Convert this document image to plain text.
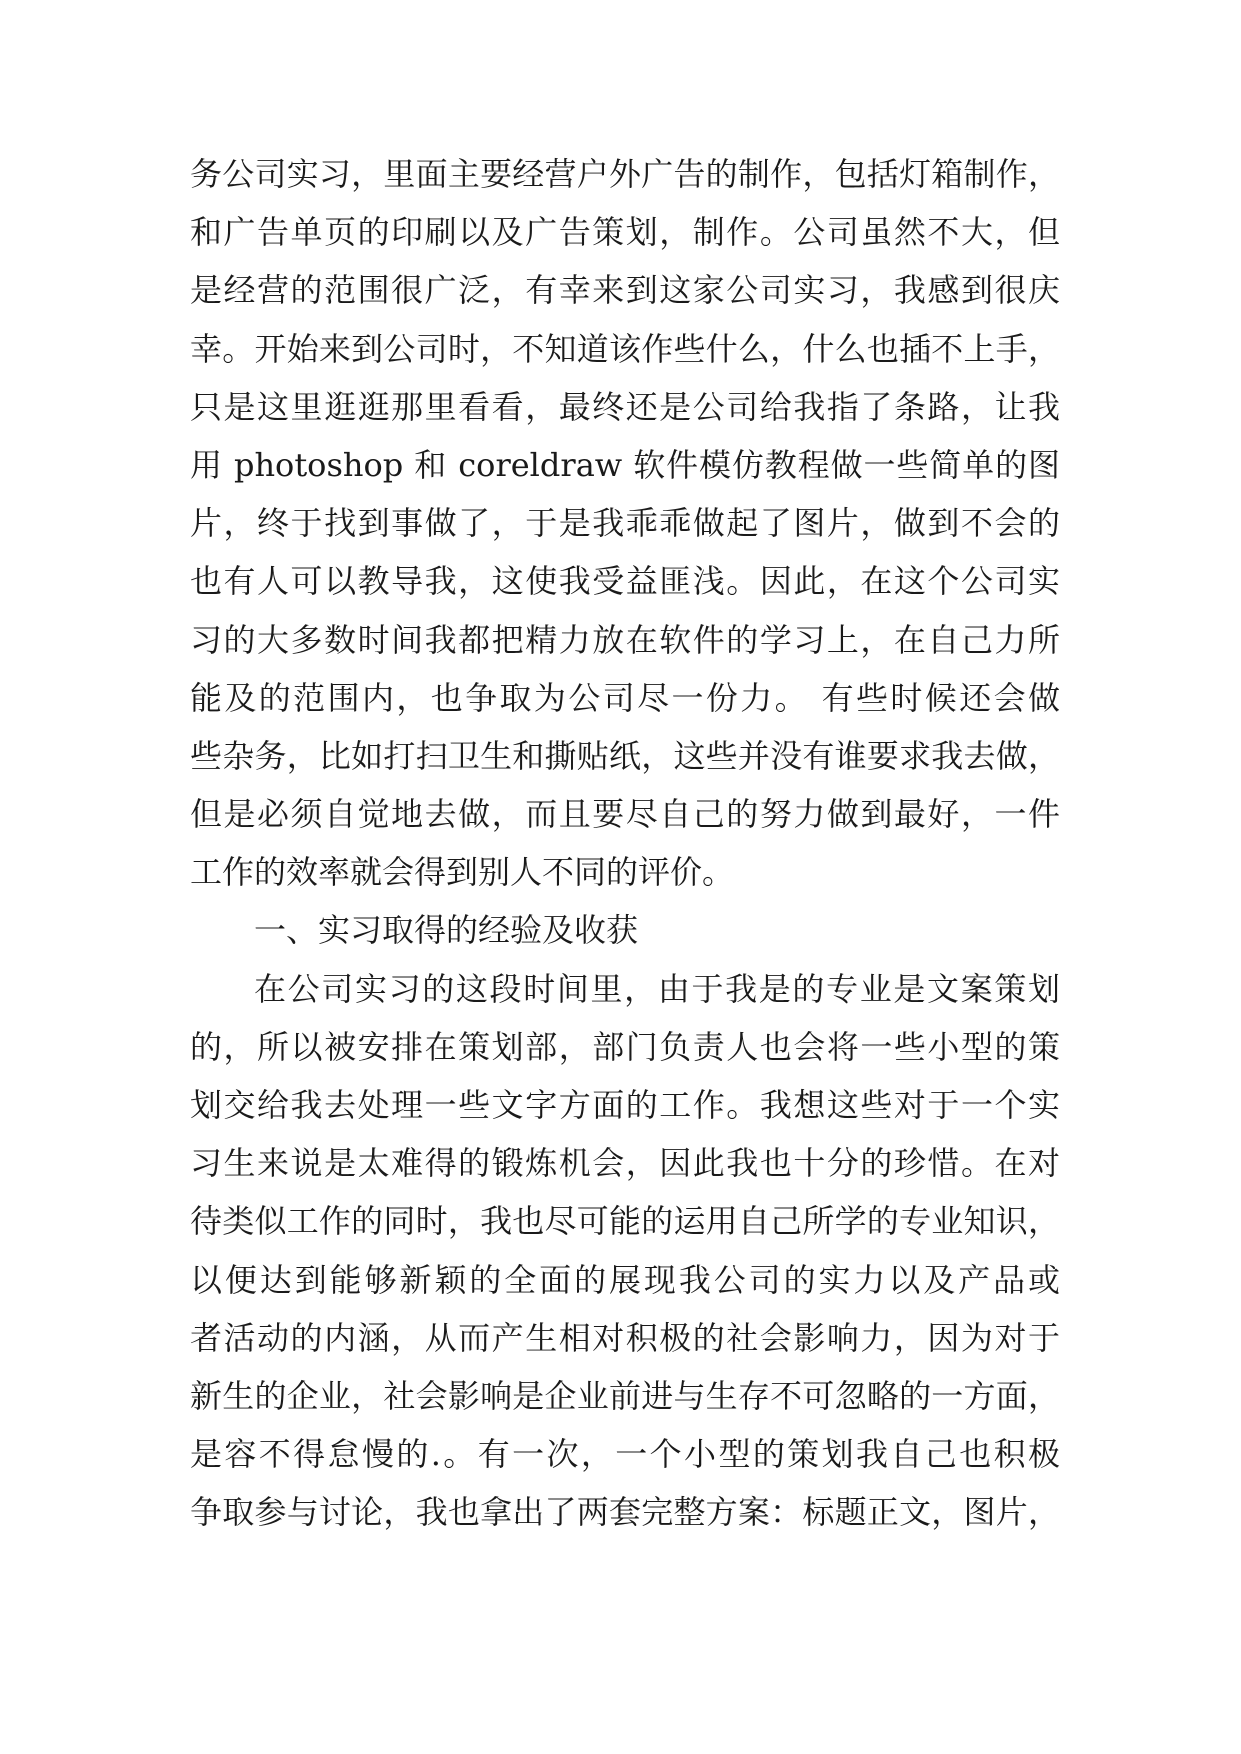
务公司实习，里面主要经营户外广告的制作，包括灯箱制作，
和广告单页的印刷以及广告策划，制作。公司虽然不大，但
是经营的范围很广泛，有幸来到这家公司实习，我感到很庆
幸。开始来到公司时，不知道该作些什么，什么也插不上手，
只是这里逛逛那里看看，最终还是公司给我指了条路，让我
用 photoshop 和 coreldraw 软件模仿教程做一些简单的图
片，终于找到事做了，于是我乖乖做起了图片，做到不会的
也有人可以教导我，这使我受益匪浅。因此，在这个公司实
习的大多数时间我都把精力放在软件的学习上，在自己力所
能及的范围内，也争取为公司尽一份力。 有些时候还会做
些杂务，比如打扫卫生和撕贴纸，这些并没有谁要求我去做，
但是必须自觉地去做，而且要尽自己的努力做到最好，一件
工作的效率就会得到别人不同的评价。
一、实习取得的经验及收获
在公司实习的这段时间里，由于我是的专业是文案策划
的，所以被安排在策划部，部门负责人也会将一些小型的策
划交给我去处理一些文字方面的工作。我想这些对于一个实
习生来说是太难得的锻炼机会，因此我也十分的珍惜。在对
待类似工作的同时，我也尽可能的运用自己所学的专业知识，
以便达到能够新颖的全面的展现我公司的实力以及产品或
者活动的内涵，从而产生相对积极的社会影响力，因为对于
新生的企业，社会影响是企业前进与生存不可忽略的一方面，
是容不得怠慢的.。有一次，一个小型的策划我自己也积极
争取参与讨论，我也拿出了两套完整方案：标题正文，图片，
